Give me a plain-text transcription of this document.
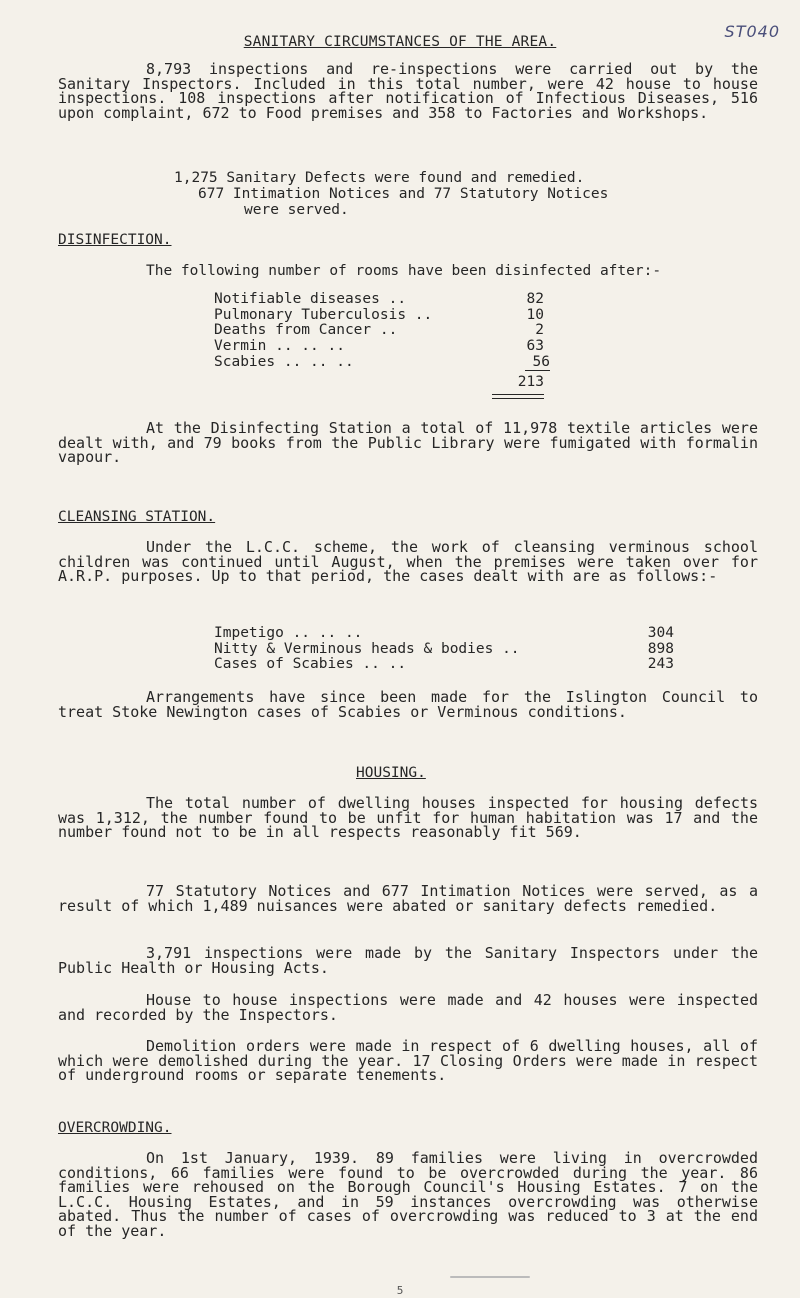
ST040
SANITARY CIRCUMSTANCES OF THE AREA.

8,793 inspections and re-inspections were carried out by the Sanitary Inspectors. Included in this total number, were 42 house to house inspections. 108 inspections after notification of Infectious Diseases, 516 upon complaint, 672 to Food premises and 358 to Factories and Workshops.

1,275 Sanitary Defects were found and remedied.
677 Intimation Notices and 77 Statutory Notices
were served.
DISINFECTION.
The following number of rooms have been disinfected after:-
Notifiable diseases ..	82
Pulmonary Tuberculosis ..	10
Deaths from Cancer ..	2
Vermin .. .. ..	63
Scabies .. .. ..	56
213

At the Disinfecting Station a total of 11,978 textile articles were dealt with, and 79 books from the Public Library were fumigated with formalin vapour.

CLEANSING STATION.

Under the L.C.C. scheme, the work of cleansing verminous school children was continued until August, when the premises were taken over for A.R.P. purposes. Up to that period, the cases dealt with are as follows:-

Impetigo .. .. ..	304
Nitty & Verminous heads & bodies ..	898
Cases of Scabies .. ..	243

Arrangements have since been made for the Islington Council to treat Stoke Newington cases of Scabies or Verminous conditions.

HOUSING.

The total number of dwelling houses inspected for housing defects was 1,312, the number found to be unfit for human habitation was 17 and the number found not to be in all respects reasonably fit 569.

77 Statutory Notices and 677 Intimation Notices were served, as a result of which 1,489 nuisances were abated or sanitary defects remedied.

3,791 inspections were made by the Sanitary Inspectors under the Public Health or Housing Acts.

House to house inspections were made and 42 houses were inspected and recorded by the Inspectors.

Demolition orders were made in respect of 6 dwelling houses, all of which were demolished during the year. 17 Closing Orders were made in respect of underground rooms or separate tenements.

OVERCROWDING.

On 1st January, 1939. 89 families were living in overcrowded conditions, 66 families were found to be overcrowded during the year. 86 families were rehoused on the Borough Council's Housing Estates. 7 on the L.C.C. Housing Estates, and in 59 instances overcrowding was otherwise abated. Thus the number of cases of overcrowding was reduced to 3 at the end of the year.

5
